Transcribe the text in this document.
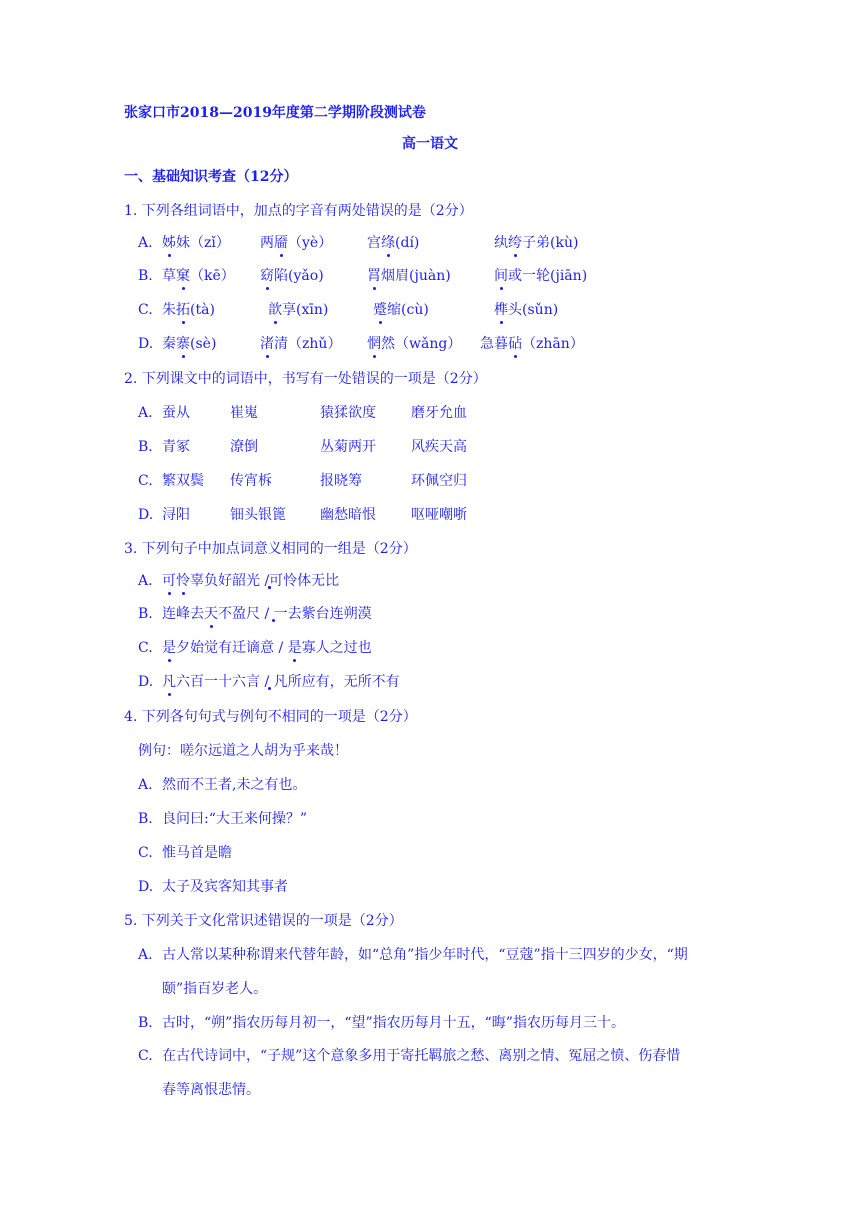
张家口市2018—2019年度第二学期阶段测试卷
高一语文
一、基础知识考查（12分）
1. 下列各组词语中，加点的字音有两处错误的是（2分）
A. 姊妹（zǐ） 两靥（yè） 宫绦(dí)	纨绔子弟(kù)
B. 草窠（kē） 窈陷(yǎo)	罥烟眉(juàn)	间或一轮(jiān)
C. 朱拓(tà)	歆享(xīn)	蹙缩(cù)	榫头(sǔn)
D. 秦寨(sè)	渚清（zhǔ） 惘然（wǎng） 急暮砧（zhān）
2. 下列课文中的词语中，书写有一处错误的一项是（2分）
A. 蚕从	崔嵬	猿猱欲度	磨牙允血
B. 青冢	潦倒	丛菊两开	风疾天高
C. 繁双鬓 传宵柝	报晓筹	环佩空归
D. 浔阳	钿头银篦 幽愁暗恨	呕哑嘲哳
3. 下列句子中加点词意义相同的一组是（2分）
A. 可怜辜负好韶光 /可怜体无比
B. 连峰去天不盈尺 / 一去紫台连朔漠
C. 是夕始觉有迁谪意 / 是寡人之过也
D. 凡六百一十六言 / 凡所应有，无所不有
4. 下列各句句式与例句不相同的一项是（2分）
例句：嗟尔远道之人胡为乎来哉！
A. 然而不王者,未之有也。
B. 良问曰:“大王来何操？”
C. 惟马首是瞻
D. 太子及宾客知其事者
5. 下列关于文化常识述错误的一项是（2分）
A. 古人常以某种称谓来代替年龄，如“总角”指少年时代，“豆蔻”指十三四岁的少女，“期
颐”指百岁老人。
B. 古时，“朔”指农历每月初一，“望”指农历每月十五，“晦”指农历每月三十。
C. 在古代诗词中，“子规”这个意象多用于寄托羁旅之愁、离别之情、冤屈之愤、伤春惜
春等离恨悲情。
